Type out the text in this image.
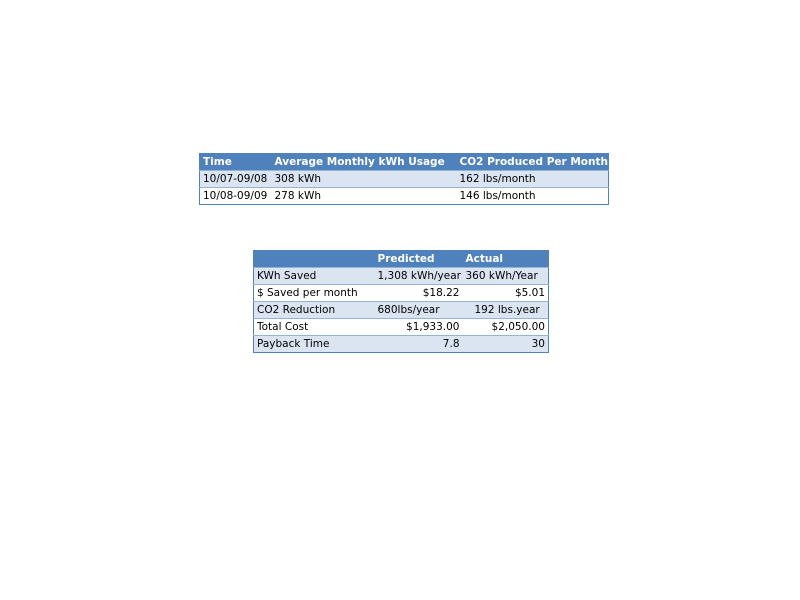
Time	Average Monthly kWh Usage	CO2 Produced Per Month
10/07-09/08	308 kWh	162 lbs/month
10/08-09/09	278 kWh	146 lbs/month
	Predicted	Actual
KWh Saved	1,308 kWh/year	360 kWh/Year
$ Saved per month	$18.22	$5.01
CO2 Reduction	680lbs/year	192 lbs.year
Total Cost	$1,933.00	$2,050.00
Payback Time	7.8	30
